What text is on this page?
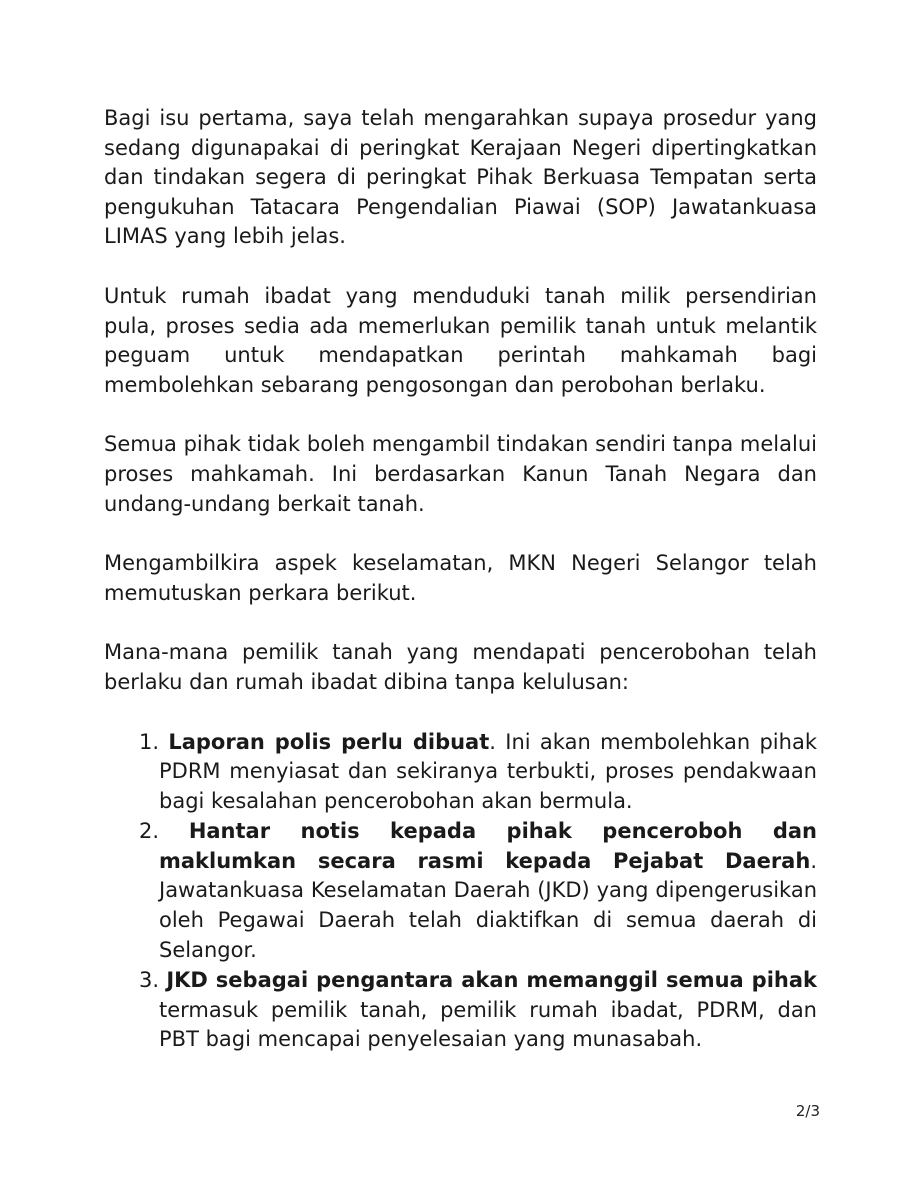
Bagi isu pertama, saya telah mengarahkan supaya prosedur yang sedang digunapakai di peringkat Kerajaan Negeri dipertingkatkan dan tindakan segera di peringkat Pihak Berkuasa Tempatan serta pengukuhan Tatacara Pengendalian Piawai (SOP) Jawatankuasa LIMAS yang lebih jelas.

Untuk rumah ibadat yang menduduki tanah milik persendirian pula, proses sedia ada memerlukan pemilik tanah untuk melantik peguam untuk mendapatkan perintah mahkamah bagi membolehkan sebarang pengosongan dan perobohan berlaku.

Semua pihak tidak boleh mengambil tindakan sendiri tanpa melalui proses mahkamah. Ini berdasarkan Kanun Tanah Negara dan undang-undang berkait tanah.

Mengambilkira aspek keselamatan, MKN Negeri Selangor telah memutuskan perkara berikut.

Mana-mana pemilik tanah yang mendapati pencerobohan telah berlaku dan rumah ibadat dibina tanpa kelulusan:

1. Laporan polis perlu dibuat. Ini akan membolehkan pihak PDRM menyiasat dan sekiranya terbukti, proses pendakwaan bagi kesalahan pencerobohan akan bermula.
2.	Hantar notis kepada pihak penceroboh dan maklumkan secara rasmi kepada Pejabat Daerah. Jawatankuasa Keselamatan Daerah (JKD) yang dipengerusikan oleh Pegawai Daerah telah diaktifkan di semua daerah di Selangor.
3. JKD sebagai pengantara akan memanggil semua pihak termasuk pemilik tanah, pemilik rumah ibadat, PDRM, dan PBT bagi mencapai penyelesaian yang munasabah.
2/3
